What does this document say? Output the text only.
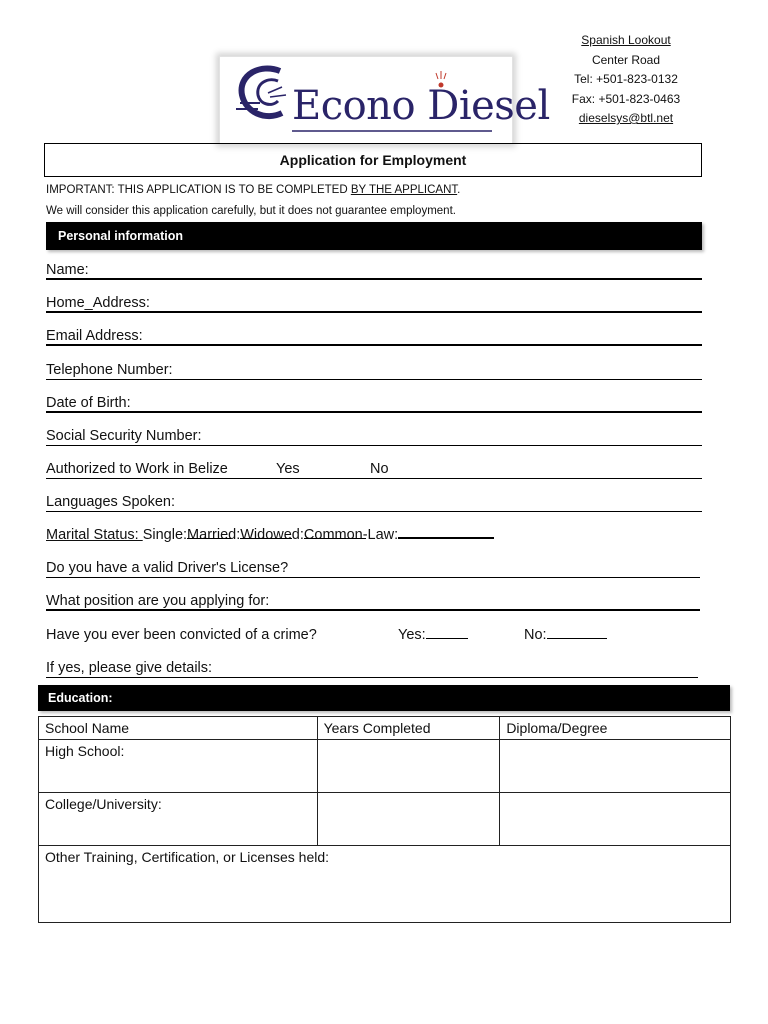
Econo Diesel
Spanish Lookout
Center Road
Tel: +501-823-0132
Fax: +501-823-0463
dieselsys@btl.net
Application for Employment
IMPORTANT: THIS APPLICATION IS TO BE COMPLETED BY THE APPLICANT.
We will consider this application carefully, but it does not guarantee employment.
Personal information
Name:
Home_Address:
Email Address:
Telephone Number:
Date of Birth:
Social Security Number:
Authorized to Work in Belize	Yes	No
Languages Spoken:
Marital Status: Single:
Married:
Widowed:
Common-Law:
Do you have a valid Driver's License?
What position are you applying for:
Have you ever been convicted of a crime?	Yes:	No:
If yes, please give details:
Education:
School Name	Years Completed	Diploma/Degree
High School:		
College/University:		
Other Training, Certification, or Licenses held:		
